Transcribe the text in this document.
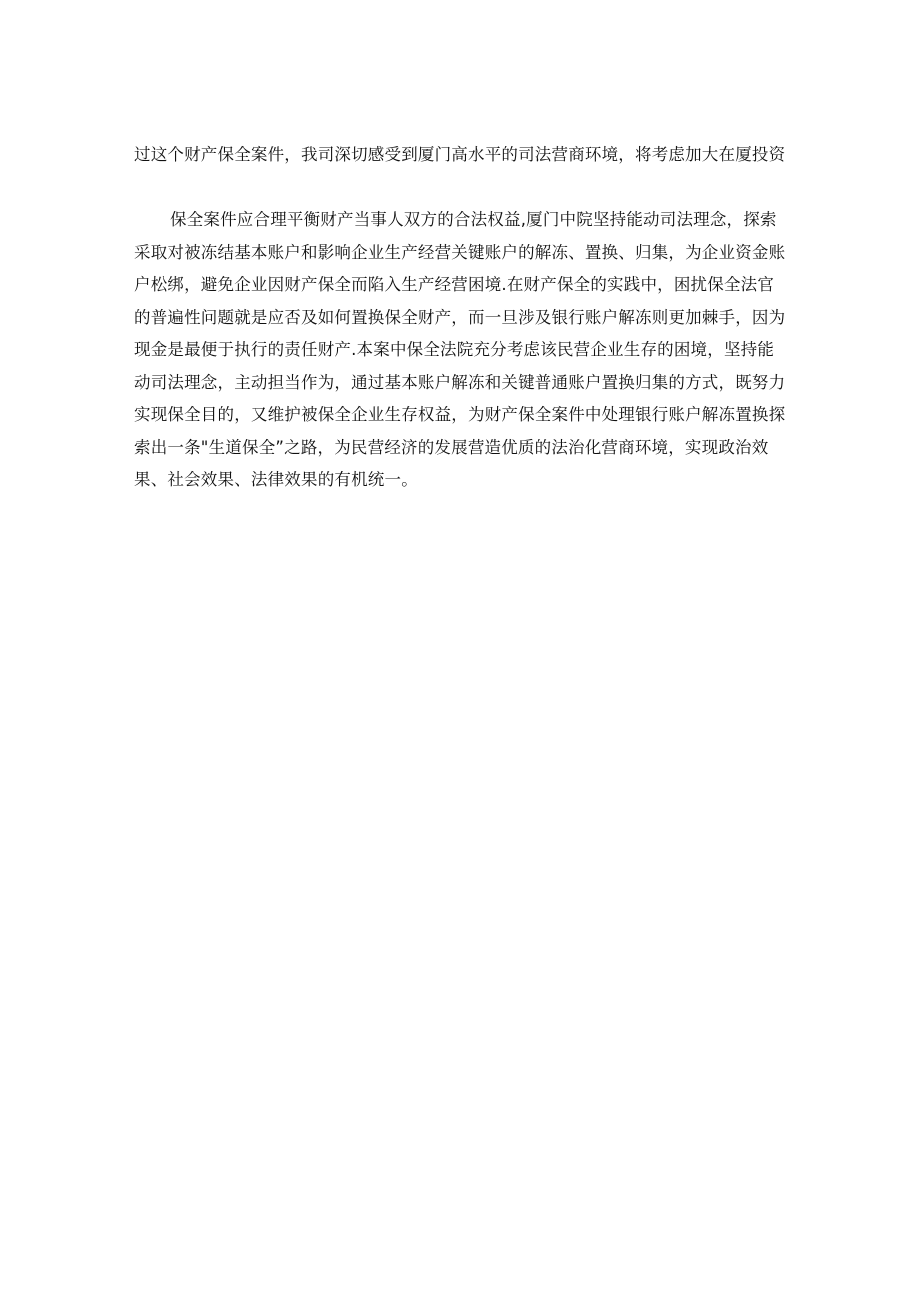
过这个财产保全案件，我司深切感受到厦门高水平的司法营商环境，将考虑加大在厦投资
保全案件应合理平衡财产当事人双方的合法权益,厦门中院坚持能动司法理念，探索
采取对被冻结基本账户和影响企业生产经营关键账户的解冻、置换、归集，为企业资金账
户松绑，避免企业因财产保全而陷入生产经营困境.在财产保全的实践中，困扰保全法官
的普遍性问题就是应否及如何置换保全财产，而一旦涉及银行账户解冻则更加棘手，因为
现金是最便于执行的责任财产.本案中保全法院充分考虑该民营企业生存的困境，坚持能
动司法理念，主动担当作为，通过基本账户解冻和关键普通账户置换归集的方式，既努力
实现保全目的，又维护被保全企业生存权益，为财产保全案件中处理银行账户解冻置换探
索出一条"生道保全”之路，为民营经济的发展营造优质的法治化营商环境，实现政治效
果、社会效果、法律效果的有机统一。
